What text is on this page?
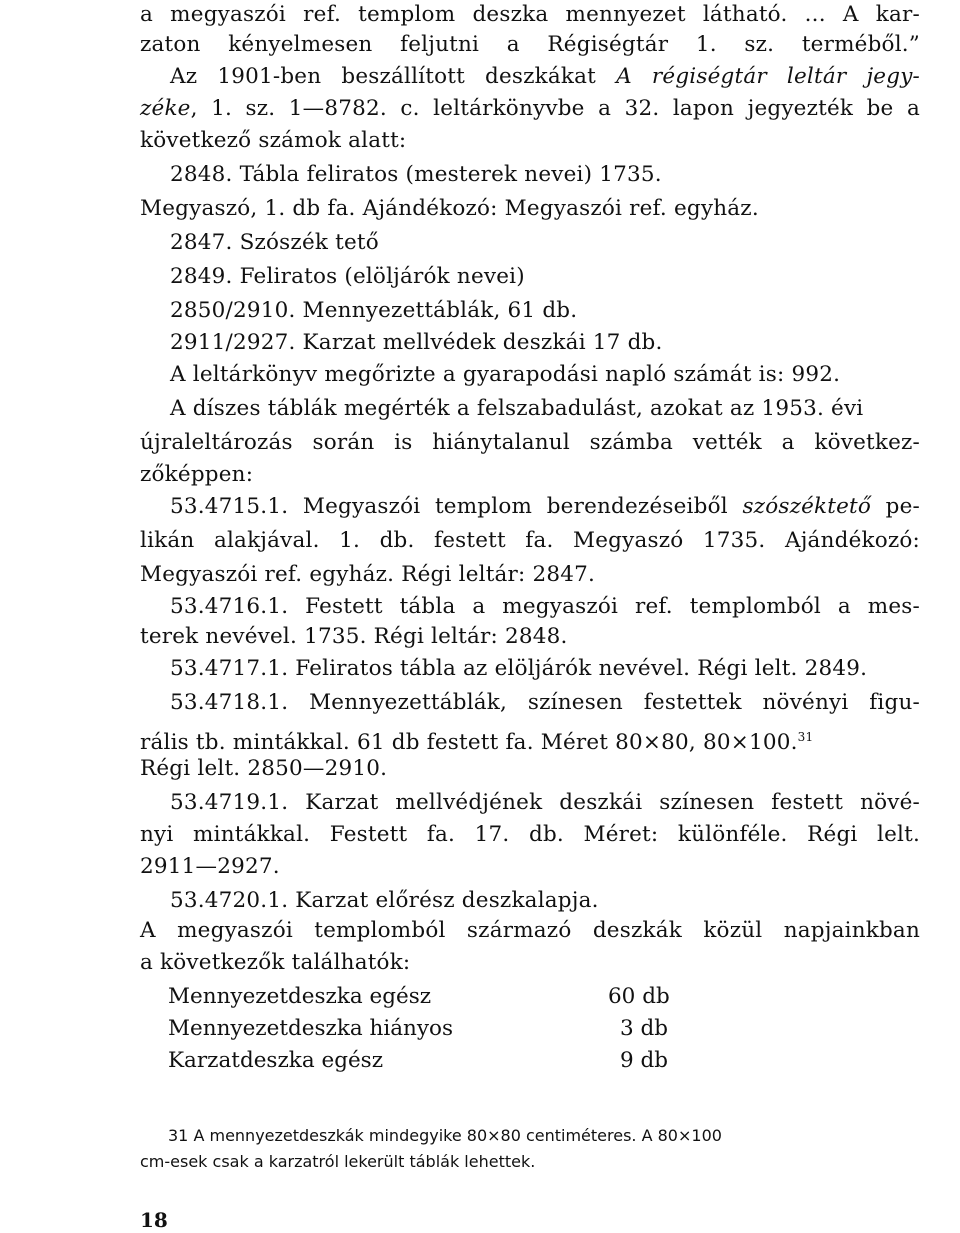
a megyaszói ref. templom deszka mennyezet látható. ... A kar-
zaton kényelmesen feljutni a Régiségtár 1. sz. terméből.”
Az 1901-ben beszállított deszkákat A régiségtár leltár jegy-
zéke, 1. sz. 1—8782. c. leltárkönyvbe a 32. lapon jegyezték be a
következő számok alatt:
2848. Tábla feliratos (mesterek nevei) 1735.
Megyaszó, 1. db fa. Ajándékozó: Megyaszói ref. egyház.
2847. Szószék tető
2849. Feliratos (elöljárók nevei)
2850/2910. Mennyezettáblák, 61 db.
2911/2927. Karzat mellvédek deszkái 17 db.
A leltárkönyv megőrizte a gyarapodási napló számát is: 992.
A díszes táblák megérték a felszabadulást, azokat az 1953. évi
újraleltározás során is hiánytalanul számba vették a következ-
zőképpen:
53.4715.1. Megyaszói templom berendezéseiből szószéktető pe-
likán alakjával. 1. db. festett fa. Megyaszó 1735. Ajándékozó:
Megyaszói ref. egyház. Régi leltár: 2847.
53.4716.1. Festett tábla a megyaszói ref. templomból a mes-
terek nevével. 1735. Régi leltár: 2848.
53.4717.1. Feliratos tábla az elöljárók nevével. Régi lelt. 2849.
53.4718.1. Mennyezettáblák, színesen festettek növényi figu-
rális tb. mintákkal. 61 db festett fa. Méret 80×80, 80×100.31
Régi lelt. 2850—2910.
53.4719.1. Karzat mellvédjének deszkái színesen festett növé-
nyi mintákkal. Festett fa. 17. db. Méret: különféle. Régi lelt.
2911—2927.
53.4720.1. Karzat előrész deszkalapja.
A megyaszói templomból származó deszkák közül napjainkban
a következők találhatók:
Mennyezetdeszka egész	60 db
Mennyezetdeszka hiányos	3 db
Karzatdeszka egész	9 db
31 A mennyezetdeszkák mindegyike 80×80 centiméteres. A 80×100
cm-esek csak a karzatról lekerült táblák lehettek.
18
